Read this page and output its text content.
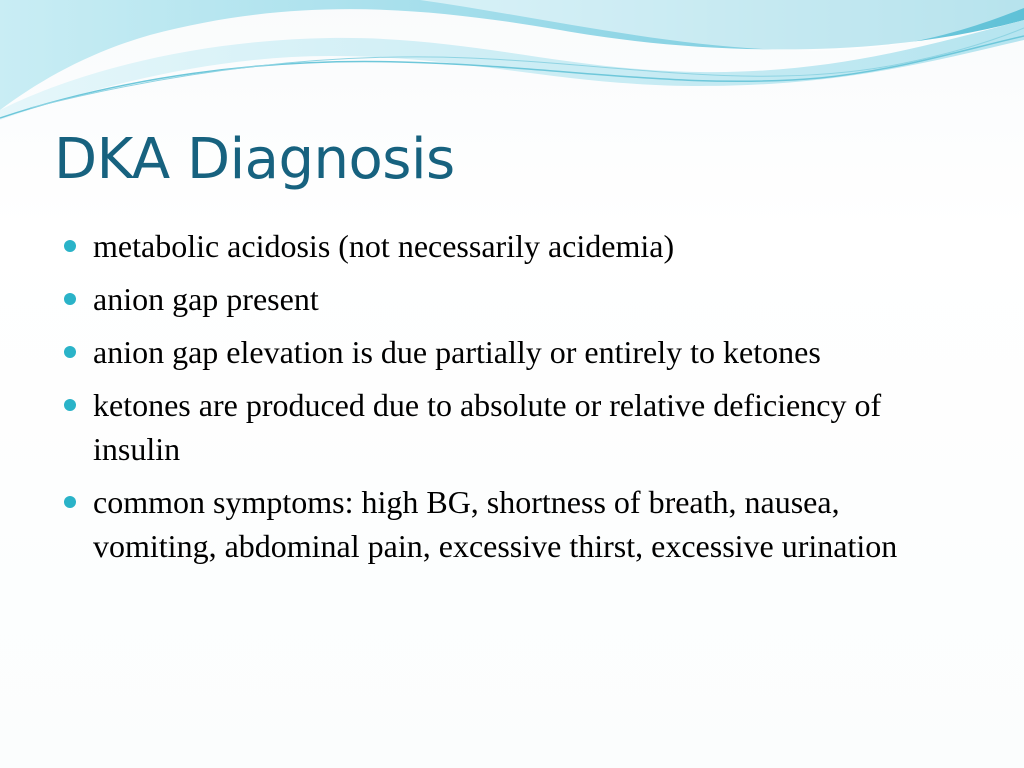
DKA Diagnosis
metabolic acidosis (not necessarily acidemia)
anion gap present
anion gap elevation is due partially or entirely to ketones
ketones are produced due to absolute or relative deficiency of insulin
common symptoms: high BG, shortness of breath, nausea, vomiting, abdominal pain, excessive thirst, excessive urination
